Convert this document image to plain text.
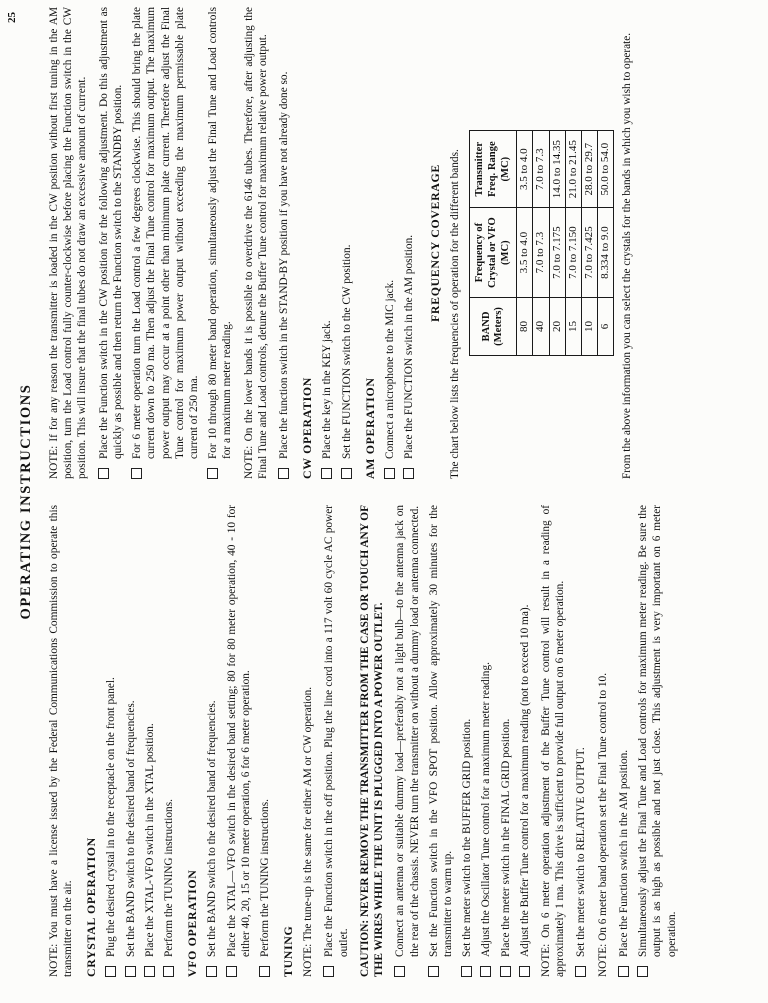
25
OPERATING INSTRUCTIONS

NOTE: You must have a license issued by the Federal Communications Commission to operate this transmitter on the air. CRYSTAL OPERATION Plug the desired crystal in to the receptacle on the front panel. Set the BAND switch to the desired band of frequencies. Place the XTAL-VFO switch in the XTAL position. Perform the TUNING instructions. VFO OPERATION Set the BAND switch to the desired band of frequencies. Place the XTAL—VFO switch in the desired band setting; 80 for 80 meter operation, 40 - 10 for either 40, 20, 15 or 10 meter operation, 6 for 6 meter operation. Perform the TUNING instructions. TUNING NOTE: The tune-up is the same for either AM or CW operation. Place the Function switch in the off position. Plug the line cord into a 117 volt 60 cycle AC power outlet. CAUTION: NEVER REMOVE THE TRANSMITTER FROM THE CASE OR TOUCH ANY OF THE WIRES WHILE THE UNIT IS PLUGGED INTO A POWER OUTLET. Connect an antenna or suitable dummy load—preferably not a light bulb—to the antenna jack on the rear of the chassis. NEVER turn the transmitter on without a dummy load or antenna connected. Set the Function switch in the VFO SPOT position. Allow approximately 30 minutes for the transmitter to warm up. Set the meter switch to the BUFFER GRID position. Adjust the Oscillator Tune control for a maximum meter reading. Place the meter switch in the FINAL GRID position. Adjust the Buffer Tune control for a maximum reading (not to exceed 10 ma). NOTE: On 6 meter operation adjustment of the Buffer Tune control will result in a reading of approximately 1 ma. This drive is sufficient to provide full output on 6 meter operation. Set the meter switch to RELATIVE OUTPUT. NOTE: On 6 meter band operation set the Final Tune control to 10. Place the Function switch in the AM position. Simultaneously adjust the Final Tune and Load controls for maximum meter reading. Be sure the output is as high as possible and not just close. This adjustment is very important on 6 meter operation.

NOTE: If for any reason the transmitter is loaded in the CW position without first tuning in the AM position, turn the Load control fully counter-clockwise before placing the Function switch in the CW position. This will insure that the final tubes do not draw an excessive amount of current. Place the Function switch in the CW position for the following adjustment. Do this adjustment as quickly as possible and then return the Function switch to the STANDBY position. For 6 meter operation turn the Load control a few degrees clockwise. This should bring the plate current down to 250 ma. Then adjust the Final Tune control for maximum output. The maximum power output may occur at a point other than minimum plate current. Therefore adjust the Final Tune control for maximum power output without exceeding the maximum permissable plate current of 250 ma. For 10 through 80 meter band operation, simultaneously adjust the Final Tune and Load controls for a maximum meter reading. NOTE: On the lower bands it is possible to overdrive the 6146 tubes. Therefore, after adjusting the Final Tune and Load controls, detune the Buffer Tune control for maximum relative power output. Place the function switch in the STAND-BY position if you have not already done so. CW OPERATION Place the key in the KEY jack. Set the FUNCTION switch to the CW position. AM OPERATION Connect a microphone to the MIC jack. Place the FUNCTION switch in the AM position. FREQUENCY COVERAGE The chart below lists the frequencies of operation for the different bands. BAND (Meters)

Frequency of Crystal or VFO (MC)

Transmitter Freq. Range (MC)

80	3.5 to 4.0	3.5 to 4.0
40	7.0 to 7.3	7.0 to 7.3
20	7.0 to 7.175	14.0 to 14.35
15	7.0 to 7.150	21.0 to 21.45
10	7.0 to 7.425	28.0 to 29.7
6	8.334 to 9.0	50.0 to 54.0 From the above information you can select the crystals for the bands in which you wish to operate.
